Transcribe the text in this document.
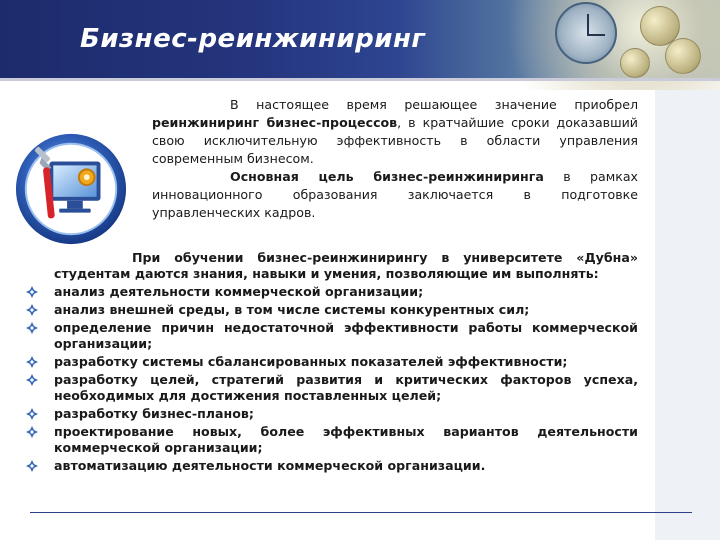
Бизнес-реинжиниринг

В настоящее время решающее значение приобрел реинжиниринг бизнес-процессов, в кратчайшие сроки доказавший свою исключительную эффективность в области управления современным бизнесом.

Основная цель бизнес-реинжиниринга в рамках инновационного образования заключается в подготовке управленческих кадров.

При обучении бизнес-реинжинирингу в университете «Дубна» студентам даются знания, навыки и умения, позволяющие им выполнять:

анализ деятельности коммерческой организации;
анализ внешней среды, в том числе системы конкурентных сил;
определение причин недостаточной эффективности работы коммерческой организации;
разработку системы сбалансированных показателей эффективности;
разработку целей, стратегий развития и критических факторов успеха, необходимых для достижения поставленных целей;
разработку бизнес-планов;
проектирование новых, более эффективных вариантов деятельности коммерческой организации;
автоматизацию деятельности коммерческой организации.
